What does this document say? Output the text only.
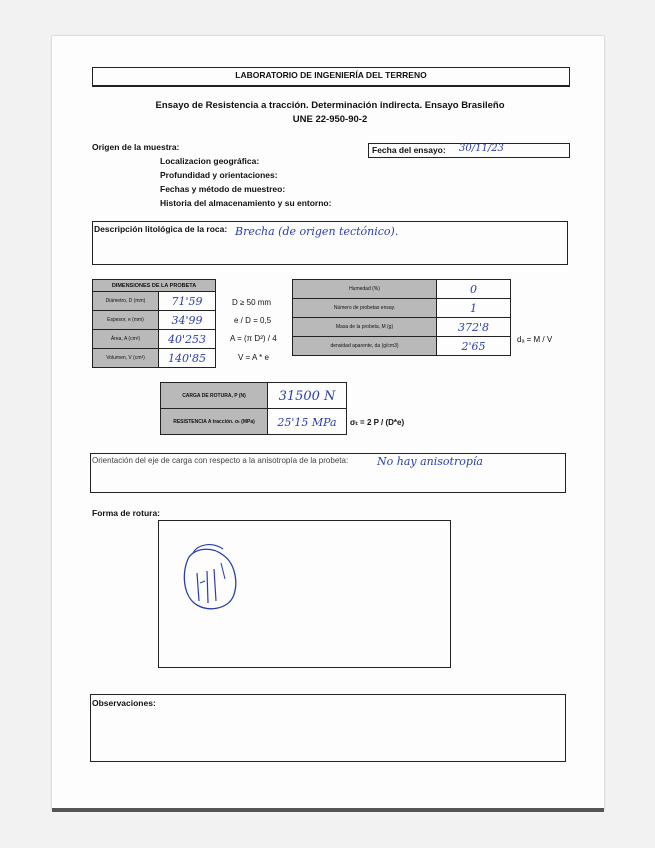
LABORATORIO DE INGENIERÍA DEL TERRENO
Ensayo de Resistencia a tracción. Determinación indirecta. Ensayo Brasileño
UNE 22-950-90-2
Origen de la muestra:
Localizacion geográfica:
Profundidad y orientaciones:
Fechas y método de muestreo:
Historia del almacenamiento y su entorno:
Fecha del ensayo: 30/11/23
Descripción litológica de la roca: Brecha (de origen tectónico).
DIMENSIONES DE LA PROBETA	
Diámetro, D (mm)	71'59
Espesor, e (mm)	34'99
Área, A (cm²)	40'253
Volumen, V (cm³)	140'85
D ≥ 50 mm
e / D = 0,5
A = (π D²) / 4
V = A * e
Humedad (%)	0
Número de probetas ensay.	1
Masa de la probeta, M (g)	372'8
densidad aparente, da (g/cm3)	2'65
dₐ = M / V
CARGA DE ROTURA, P (N)	31500 N
RESISTENCIA A tracción. σₜ (MPa)	25'15 MPa σₜ = 2 P / (D*e)
Orientación del eje de carga con respecto a la anisotropía de la probeta:	No hay anisotropía
Forma de rotura:
Observaciones:
